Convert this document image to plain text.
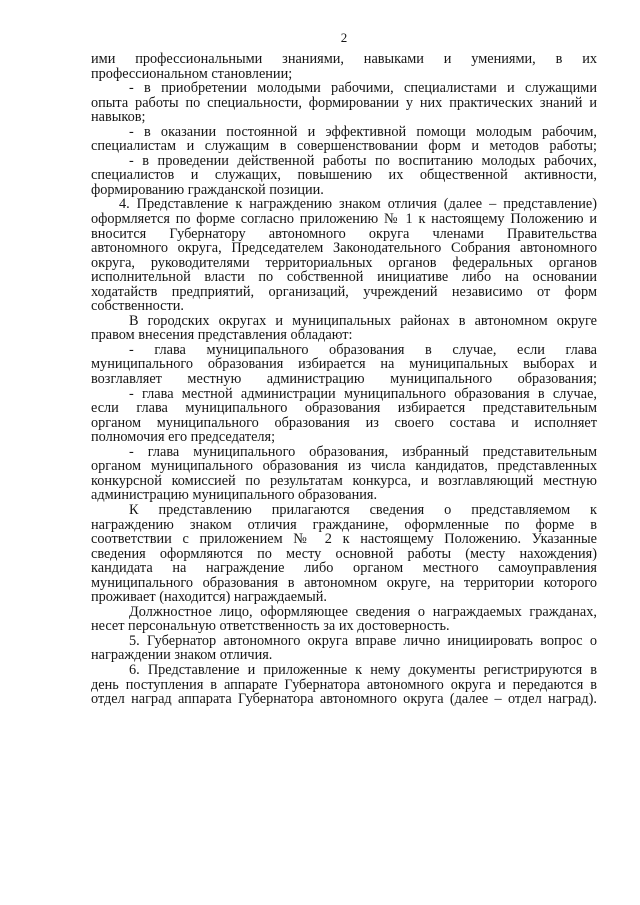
2
ими профессиональными знаниями, навыками и умениями, в их
профессиональном становлении;
- в приобретении молодыми рабочими, специалистами и служащими
опыта работы по специальности, формировании у них практических знаний и
навыков;
- в оказании постоянной и эффективной помощи молодым рабочим,
специалистам и служащим в совершенствовании форм и методов работы;
- в проведении действенной работы по воспитанию молодых рабочих,
специалистов и служащих, повышению их общественной активности,
формированию гражданской позиции.
4. Представление к награждению знаком отличия (далее – представление)
оформляется по форме согласно приложению № 1 к настоящему Положению и
вносится Губернатору автономного округа членами Правительства
автономного округа, Председателем Законодательного Собрания автономного
округа, руководителями территориальных органов федеральных органов
исполнительной власти по собственной инициативе либо на основании
ходатайств предприятий, организаций, учреждений независимо от форм
собственности.
В городских округах и муниципальных районах в автономном округе
правом внесения представления обладают:
- глава муниципального образования в случае, если глава
муниципального образования избирается на муниципальных выборах и
возглавляет местную администрацию муниципального образования;
- глава местной администрации муниципального образования в случае,
если глава муниципального образования избирается представительным
органом муниципального образования из своего состава и исполняет
полномочия его председателя;
- глава муниципального образования, избранный представительным
органом муниципального образования из числа кандидатов, представленных
конкурсной комиссией по результатам конкурса, и возглавляющий местную
администрацию муниципального образования.
К представлению прилагаются сведения о представляемом к
награждению знаком отличия гражданине, оформленные по форме в
соответствии с приложением № 2 к настоящему Положению. Указанные
сведения оформляются по месту основной работы (месту нахождения)
кандидата на награждение либо органом местного самоуправления
муниципального образования в автономном округе, на территории которого
проживает (находится) награждаемый.
Должностное лицо, оформляющее сведения о награждаемых гражданах,
несет персональную ответственность за их достоверность.
5. Губернатор автономного округа вправе лично инициировать вопрос о
награждении знаком отличия.
6. Представление и приложенные к нему документы регистрируются в
день поступления в аппарате Губернатора автономного округа и передаются в
отдел наград аппарата Губернатора автономного округа (далее – отдел наград).
